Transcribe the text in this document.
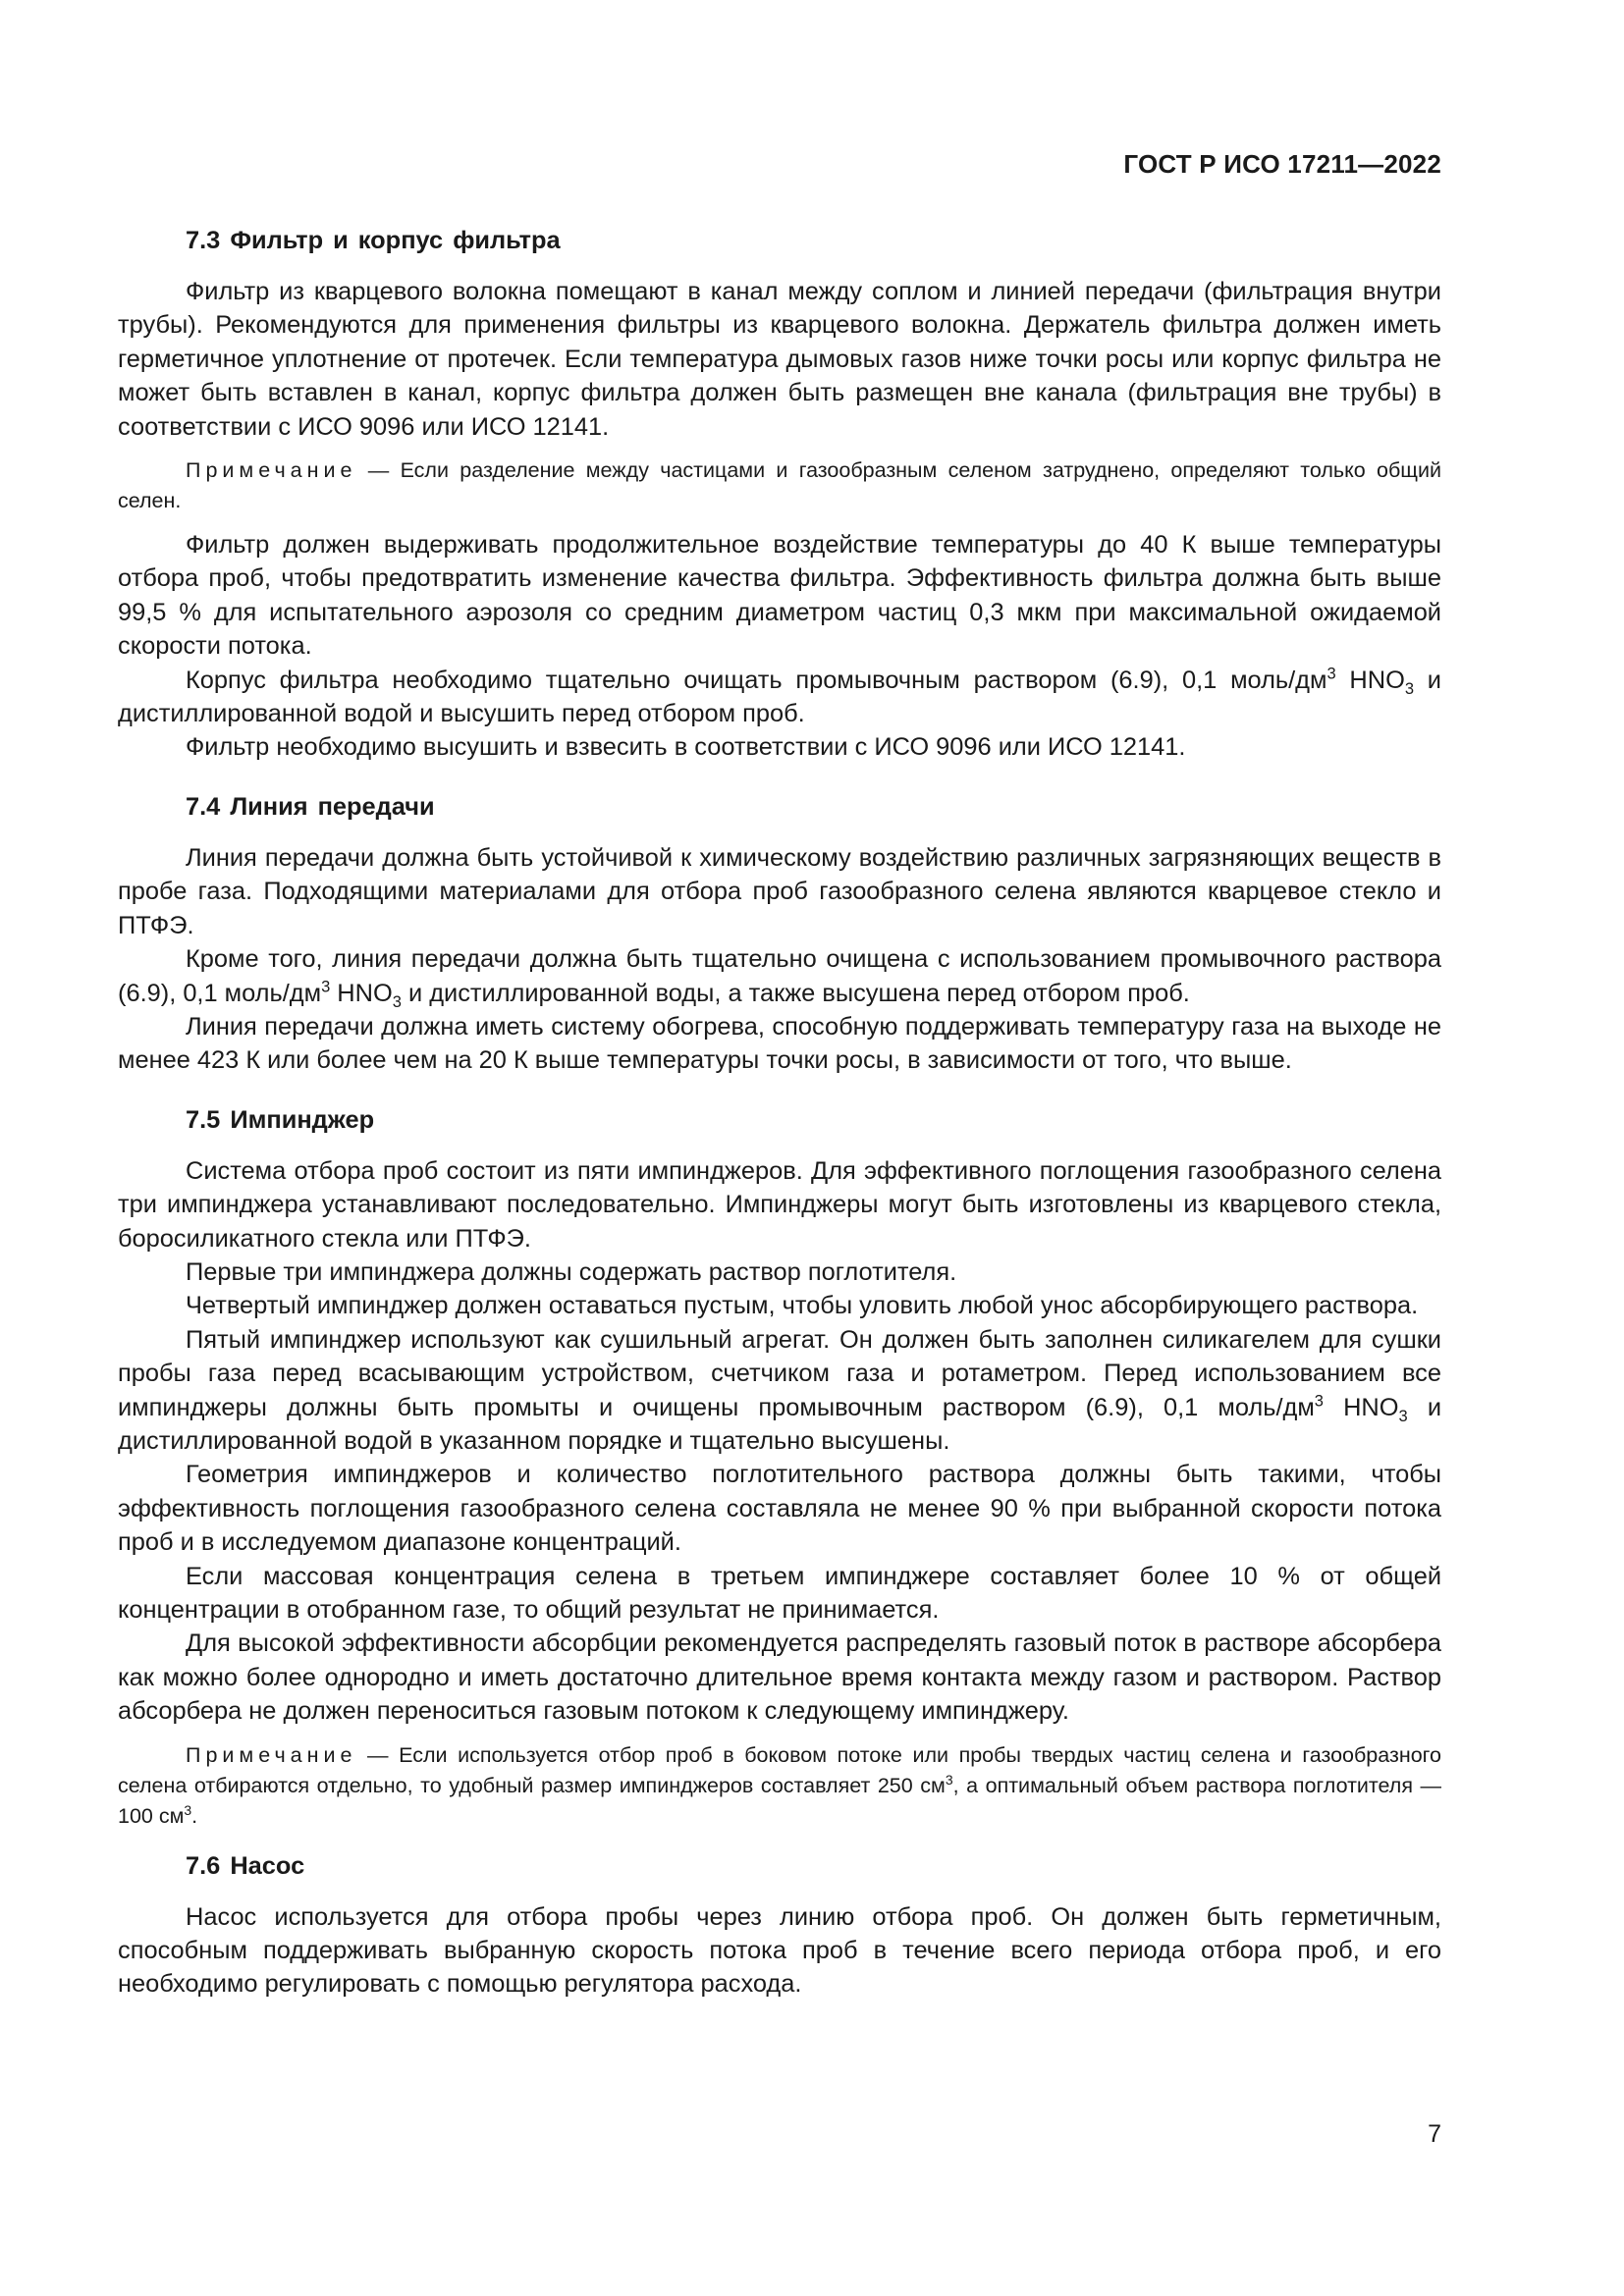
ГОСТ Р ИСО 17211—2022
7.3 Фильтр и корпус фильтра

Фильтр из кварцевого волокна помещают в канал между соплом и линией передачи (фильтрация внутри трубы). Рекомендуются для применения фильтры из кварцевого волокна. Держатель фильтра должен иметь герметичное уплотнение от протечек. Если температура дымовых газов ниже точки росы или корпус фильтра не может быть вставлен в канал, корпус фильтра должен быть размещен вне канала (фильтрация вне трубы) в соответствии с ИСО 9096 или ИСО 12141.

Примечание — Если разделение между частицами и газообразным селеном затруднено, определяют только общий селен.

Фильтр должен выдерживать продолжительное воздействие температуры до 40 К выше температуры отбора проб, чтобы предотвратить изменение качества фильтра. Эффективность фильтра должна быть выше 99,5 % для испытательного аэрозоля со средним диаметром частиц 0,3 мкм при максимальной ожидаемой скорости потока.

Корпус фильтра необходимо тщательно очищать промывочным раствором (6.9), 0,1 моль/$дм^3$ $HNO_3$ и дистиллированной водой и высушить перед отбором проб.

Фильтр необходимо высушить и взвесить в соответствии с ИСО 9096 или ИСО 12141.

7.4 Линия передачи

Линия передачи должна быть устойчивой к химическому воздействию различных загрязняющих веществ в пробе газа. Подходящими материалами для отбора проб газообразного селена являются кварцевое стекло и ПТФЭ.

Кроме того, линия передачи должна быть тщательно очищена с использованием промывочного раствора (6.9), 0,1 моль/$дм^3$ $HNO_3$ и дистиллированной воды, а также высушена перед отбором проб.

Линия передачи должна иметь систему обогрева, способную поддерживать температуру газа на выходе не менее 423 К или более чем на 20 К выше температуры точки росы, в зависимости от того, что выше.

7.5 Импинджер

Система отбора проб состоит из пяти импинджеров. Для эффективного поглощения газообразного селена три импинджера устанавливают последовательно. Импинджеры могут быть изготовлены из кварцевого стекла, боросиликатного стекла или ПТФЭ.

Первые три импинджера должны содержать раствор поглотителя.

Четвертый импинджер должен оставаться пустым, чтобы уловить любой унос абсорбирующего раствора.

Пятый импинджер используют как сушильный агрегат. Он должен быть заполнен силикагелем для сушки пробы газа перед всасывающим устройством, счетчиком газа и ротаметром. Перед использованием все импинджеры должны быть промыты и очищены промывочным раствором (6.9), 0,1 моль/$дм^3$ $HNO_3$ и дистиллированной водой в указанном порядке и тщательно высушены.

Геометрия импинджеров и количество поглотительного раствора должны быть такими, чтобы эффективность поглощения газообразного селена составляла не менее 90 % при выбранной скорости потока проб и в исследуемом диапазоне концентраций.

Если массовая концентрация селена в третьем импинджере составляет более 10 % от общей концентрации в отобранном газе, то общий результат не принимается.

Для высокой эффективности абсорбции рекомендуется распределять газовый поток в растворе абсорбера как можно более однородно и иметь достаточно длительное время контакта между газом и раствором. Раствор абсорбера не должен переноситься газовым потоком к следующему импинджеру.

Примечание — Если используется отбор проб в боковом потоке или пробы твердых частиц селена и газообразного селена отбираются отдельно, то удобный размер импинджеров составляет 250 $см^3$, а оптимальный объем раствора поглотителя — 100 $см^3$.

7.6 Насос

Насос используется для отбора пробы через линию отбора проб. Он должен быть герметичным, способным поддерживать выбранную скорость потока проб в течение всего периода отбора проб, и его необходимо регулировать с помощью регулятора расхода.

7
